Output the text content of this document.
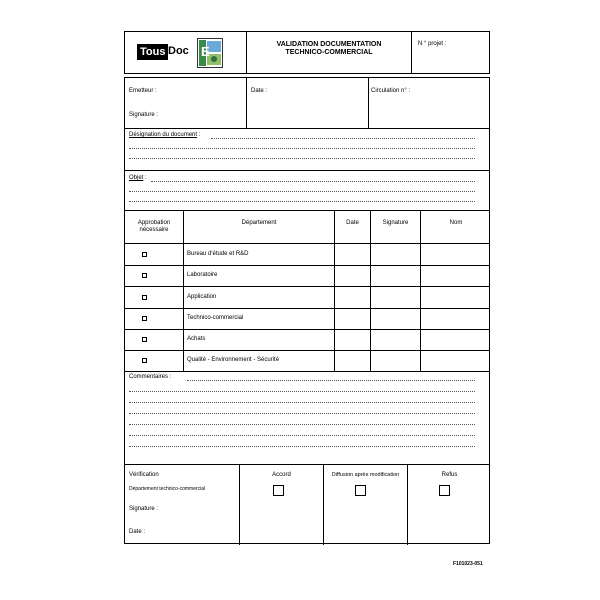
Tous Doc E	VALIDATION DOCUMENTATION
TECHNICO-COMMERCIAL
N ° projet :
Emetteur :
Signature :
Date :	Circulation n° :
Désignation du document :
Objet :
Approbation nécessaire
Département	Date	Signature	Nom
Bureau d'étude et R&D
Laboratoire
Application
Technico-commercial
Achats
Qualité - Environnement - Sécurité
Commentaires :
Vérification
Département technico-commercial
Signature :
Date :
Accord	Diffusion après modification	Refus
F101023-051
